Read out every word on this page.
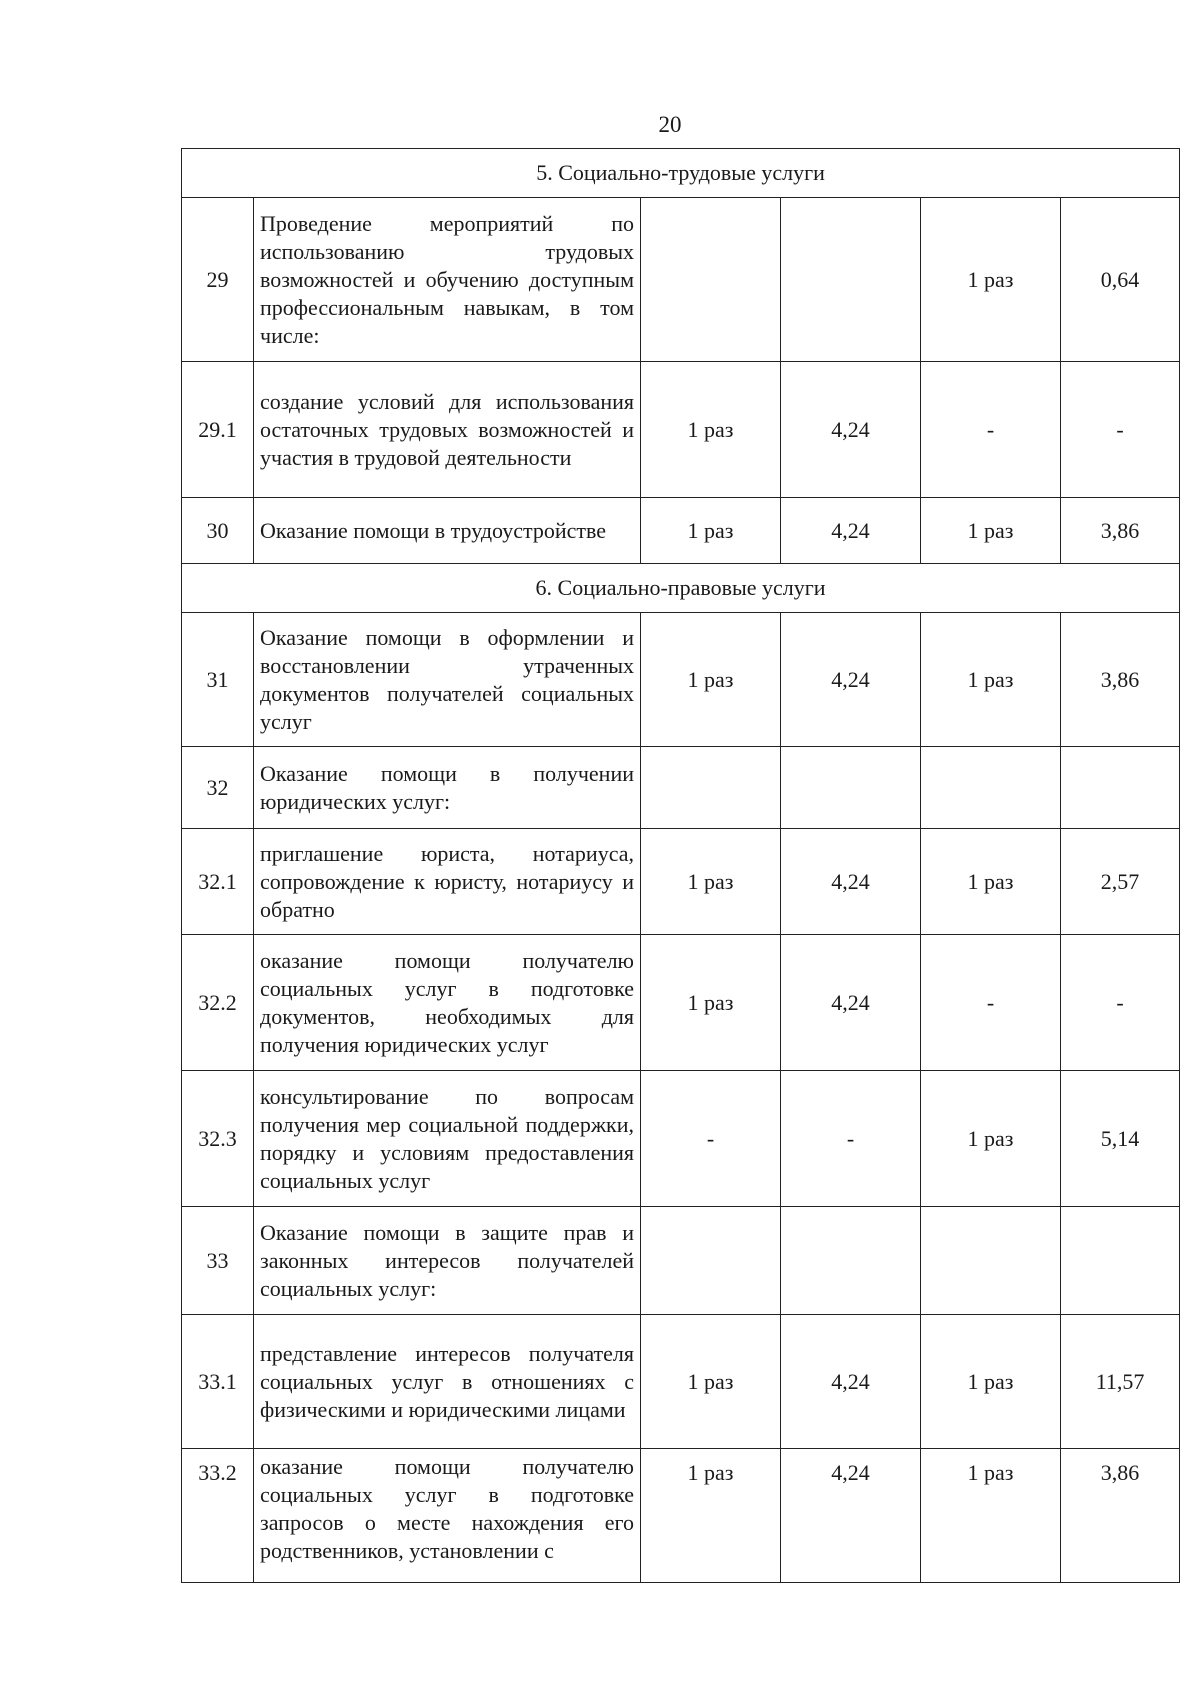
20
5. Социально-трудовые услуги					
29	Проведение мероприятий по использованию трудовых возможностей и обучению доступным профессиональным навыкам, в том числе:			1 раз	0,64
29.1	создание условий для использования остаточных трудовых возможностей и участия в трудовой деятельности	1 раз	4,24	-	-
30	Оказание помощи в трудоустройстве	1 раз	4,24	1 раз	3,86
6. Социально-правовые услуги					
31	Оказание помощи в оформлении и восстановлении утраченных документов получателей социальных услуг	1 раз	4,24	1 раз	3,86
32	Оказание помощи в получении юридических услуг:				
32.1	приглашение юриста, нотариуса, сопровождение к юристу, нотариусу и обратно	1 раз	4,24	1 раз	2,57
32.2	оказание помощи получателю социальных услуг в подготовке документов, необходимых для получения юридических услуг	1 раз	4,24	-	-
32.3	консультирование по вопросам получения мер социальной поддержки, порядку и условиям предоставления социальных услуг	-	-	1 раз	5,14
33	Оказание помощи в защите прав и законных интересов получателей социальных услуг:				
33.1	представление интересов получателя социальных услуг в отношениях с физическими и юридическими лицами	1 раз	4,24	1 раз	11,57
33.2	оказание помощи получателю социальных услуг в подготовке запросов о месте нахождения его родственников, установлении с	1 раз	4,24	1 раз	3,86
